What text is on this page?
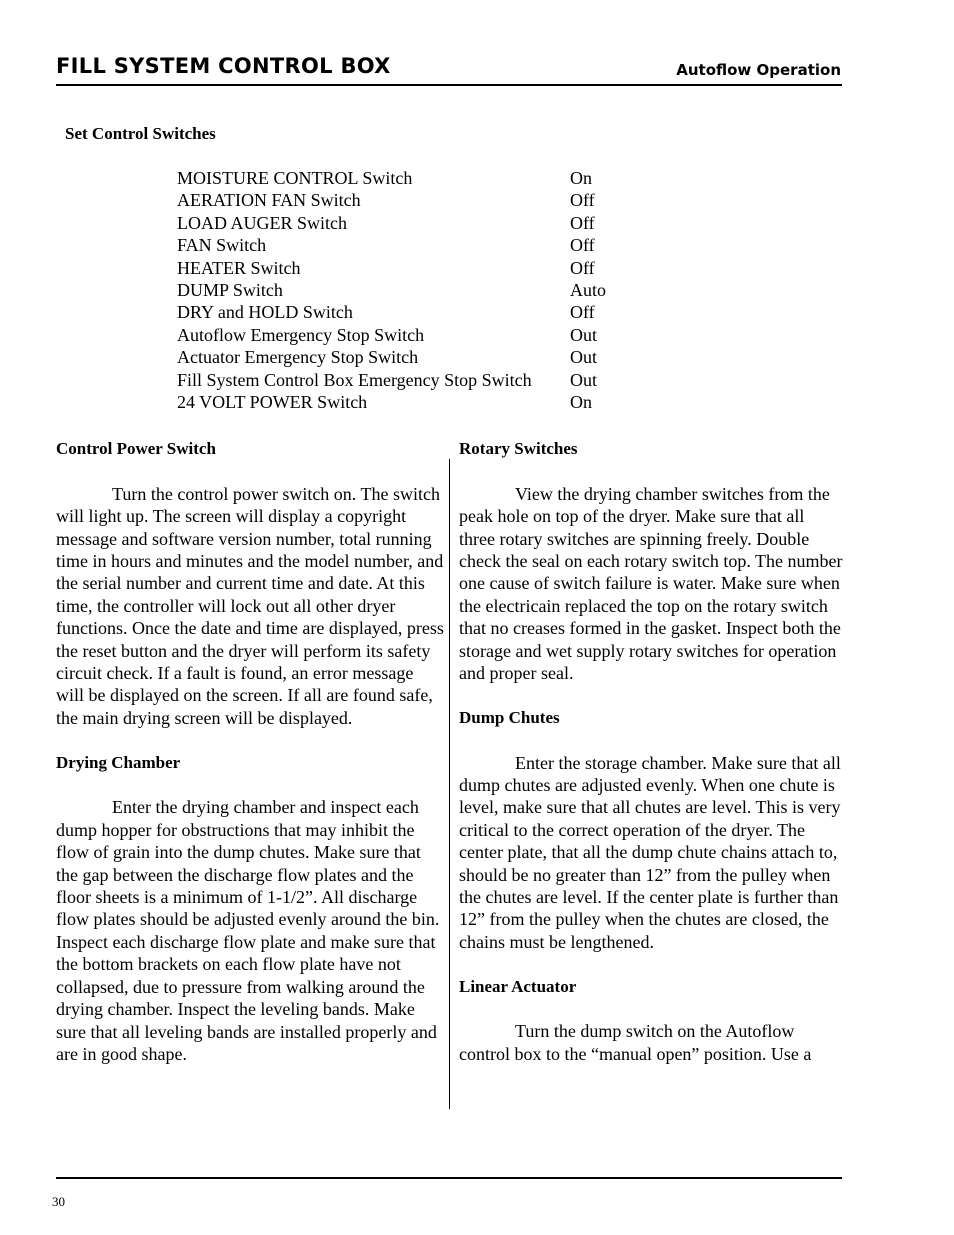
FILL SYSTEM CONTROL BOX	Autoflow Operation
Set Control Switches
MOISTURE CONTROL Switch	On
AERATION FAN Switch	Off
LOAD AUGER Switch	Off
FAN Switch	Off
HEATER Switch	Off
DUMP Switch	Auto
DRY and HOLD Switch	Off
Autoflow Emergency Stop Switch	Out
Actuator Emergency Stop Switch	Out
Fill System Control Box Emergency Stop Switch	Out
24 VOLT POWER Switch	On
Control Power Switch

Turn the control power switch on. The switch will light up. The screen will display a copyright message and software version number, total running time in hours and minutes and the model number, and the serial number and current time and date. At this time, the controller will lock out all other dryer functions. Once the date and time are displayed, press the reset button and the dryer will perform its safety circuit check. If a fault is found, an error message will be displayed on the screen. If all are found safe, the main drying screen will be displayed.

Drying Chamber

Enter the drying chamber and inspect each dump hopper for obstructions that may inhibit the flow of grain into the dump chutes. Make sure that the gap between the discharge flow plates and the floor sheets is a minimum of 1-1/2”. All discharge flow plates should be adjusted evenly around the bin. Inspect each discharge flow plate and make sure that the bottom brackets on each flow plate have not collapsed, due to pressure from walking around the drying chamber. Inspect the leveling bands. Make sure that all leveling bands are installed properly and are in good shape.

Rotary Switches

View the drying chamber switches from the peak hole on top of the dryer. Make sure that all three rotary switches are spinning freely. Double check the seal on each rotary switch top. The number one cause of switch failure is water. Make sure when the electricain replaced the top on the rotary switch that no creases formed in the gasket. Inspect both the storage and wet supply rotary switches for operation and proper seal.

Dump Chutes

Enter the storage chamber. Make sure that all dump chutes are adjusted evenly. When one chute is level, make sure that all chutes are level. This is very critical to the correct operation of the dryer. The center plate, that all the dump chute chains attach to, should be no greater than 12” from the pulley when the chutes are level. If the center plate is further than 12” from the pulley when the chutes are closed, the chains must be lengthened.

Linear Actuator

Turn the dump switch on the Autoflow control box to the “manual open” position. Use a

30
